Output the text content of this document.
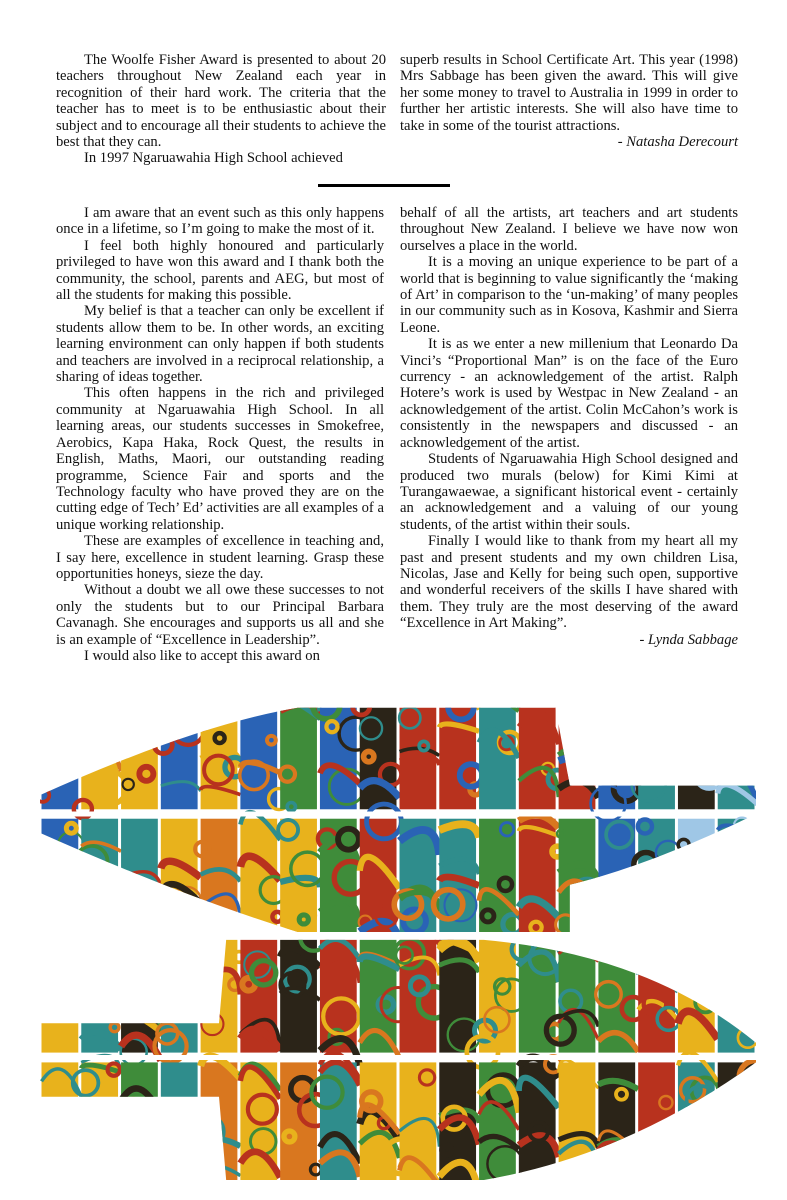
The Woolfe Fisher Award is presented to about 20 teachers throughout New Zealand each year in recognition of their hard work. The criteria that the teacher has to meet is to be enthusiastic about their subject and to encourage all their students to achieve the best that they can.

In 1997 Ngaruawahia High School achieved

superb results in School Certificate Art. This year (1998) Mrs Sabbage has been given the award. This will give her some money to travel to Australia in 1999 in order to further her artistic interests. She will also have time to take in some of the tourist attractions.

- Natasha Derecourt

I am aware that an event such as this only happens once in a lifetime, so I’m going to make the most of it.

I feel both highly honoured and particularly privileged to have won this award and I thank both the community, the school, parents and AEG, but most of all the students for making this possible.

My belief is that a teacher can only be excellent if students allow them to be. In other words, an exciting learning environment can only happen if both students and teachers are involved in a reciprocal relationship, a sharing of ideas together.

This often happens in the rich and privileged community at Ngaruawahia High School. In all learning areas, our students successes in Smokefree, Aerobics, Kapa Haka, Rock Quest, the results in English, Maths, Maori, our outstanding reading programme, Science Fair and sports and the Technology faculty who have proved they are on the cutting edge of Tech’ Ed’ activities are all examples of a unique working relationship.

These are examples of excellence in teaching and, I say here, excellence in student learning. Grasp these opportunities honeys, sieze the day.

Without a doubt we all owe these successes to not only the students but to our Principal Barbara Cavanagh. She encourages and supports us all and she is an example of “Excellence in Leadership”.

I would also like to accept this award on

behalf of all the artists, art teachers and art students throughout New Zealand. I believe we have now won ourselves a place in the world.

It is a moving an unique experience to be part of a world that is beginning to value significantly the ‘making of Art’ in comparison to the ‘un-making’ of many peoples in our community such as in Kosova, Kashmir and Sierra Leone.

It is as we enter a new millenium that Leonardo Da Vinci’s “Proportional Man” is on the face of the Euro currency - an acknowledgement of the artist. Ralph Hotere’s work is used by Westpac in New Zealand - an acknowledgement of the artist. Colin McCahon’s work is consistently in the newspapers and discussed - an acknowledgement of the artist.

Students of Ngaruawahia High School designed and produced two murals (below) for Kimi Kimi at Turangawaewae, a significant historical event - certainly an acknowledgement and a valuing of our young students, of the artist within their souls.

Finally I would like to thank from my heart all my past and present students and my own children Lisa, Nicolas, Jase and Kelly for being such open, supportive and wonderful receivers of the skills I have shared with them. They truly are the most deserving of the award “Excellence in Art Making”.

- Lynda Sabbage
